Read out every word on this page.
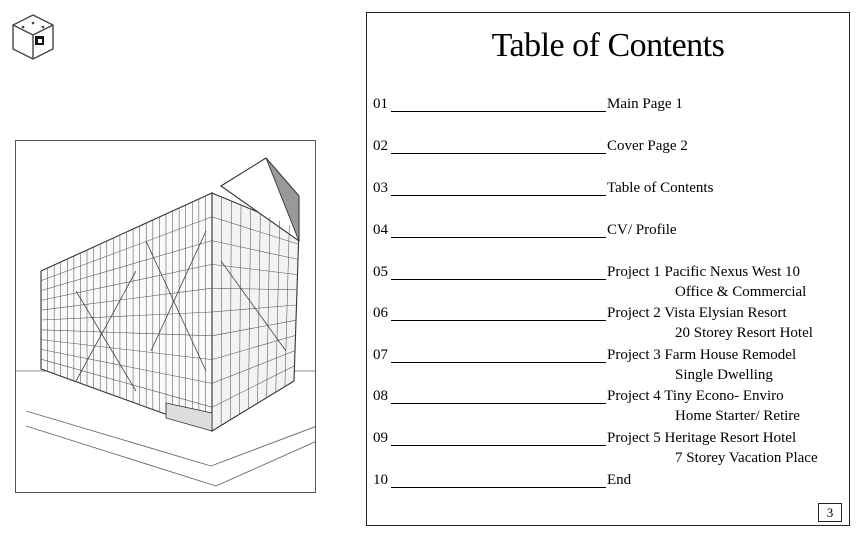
Table of Contents
01	Main Page 1
02	Cover Page 2
03	Table of Contents
04	CV/ Profile
05	Project 1 Pacific Nexus West 10
Office & Commercial
06	Project 2 Vista Elysian Resort
20 Storey Resort Hotel
07	Project 3 Farm House Remodel
Single Dwelling
08	Project 4 Tiny Econo- Enviro
Home Starter/ Retire
09	Project 5 Heritage Resort Hotel
7 Storey Vacation Place
10	End
3
